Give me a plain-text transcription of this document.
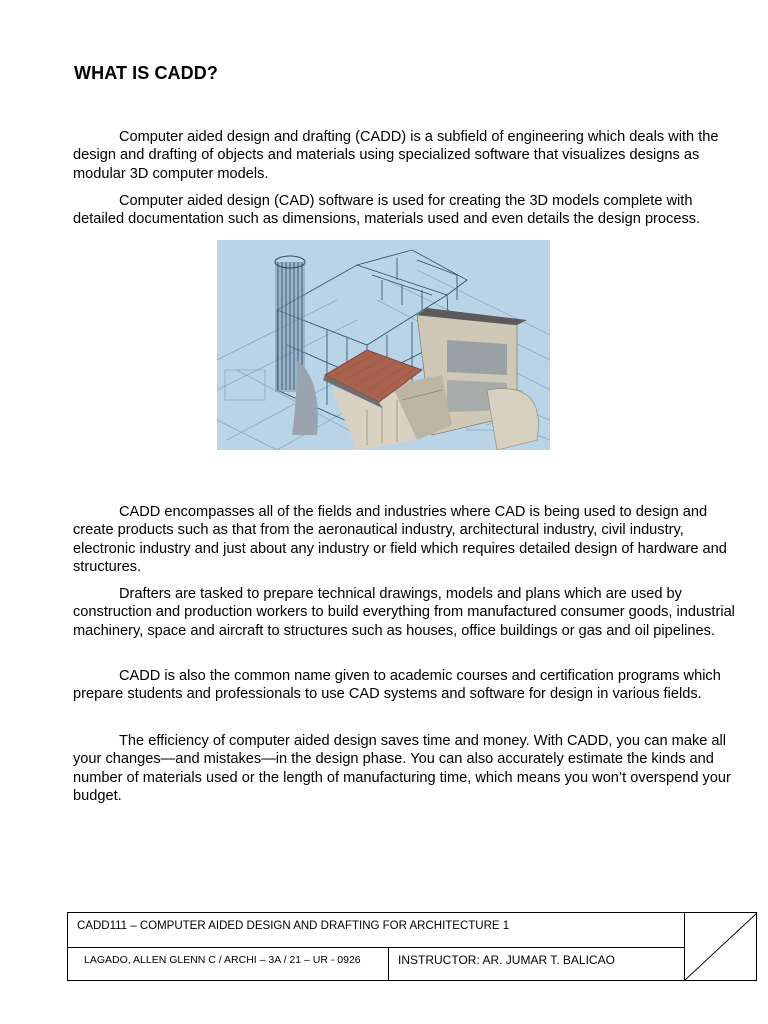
WHAT IS CADD?

Computer aided design and drafting (CADD) is a subfield of engineering which deals with the design and drafting of objects and materials using specialized software that visualizes designs as modular 3D computer models.

Computer aided design (CAD) software is used for creating the 3D models complete with detailed documentation such as dimensions, materials used and even details the design process.

CADD encompasses all of the fields and industries where CAD is being used to design and create products such as that from the aeronautical industry, architectural industry, civil industry, electronic industry and just about any industry or field which requires detailed design of hardware and structures.

Drafters are tasked to prepare technical drawings, models and plans which are used by construction and production workers to build everything from manufactured consumer goods, industrial machinery, space and aircraft to structures such as houses, office buildings or gas and oil pipelines.

CADD is also the common name given to academic courses and certification programs which prepare students and professionals to use CAD systems and software for design in various fields.

The efficiency of computer aided design saves time and money. With CADD, you can make all your changes—and mistakes—in the design phase. You can also accurately estimate the kinds and number of materials used or the length of manufacturing time, which means you won’t overspend your budget.

CADD111 – COMPUTER AIDED DESIGN AND DRAFTING FOR ARCHITECTURE 1
LAGADO, ALLEN GLENN C / ARCHI – 3A / 21 – UR - 0926	INSTRUCTOR: AR. JUMAR T. BALICAO
